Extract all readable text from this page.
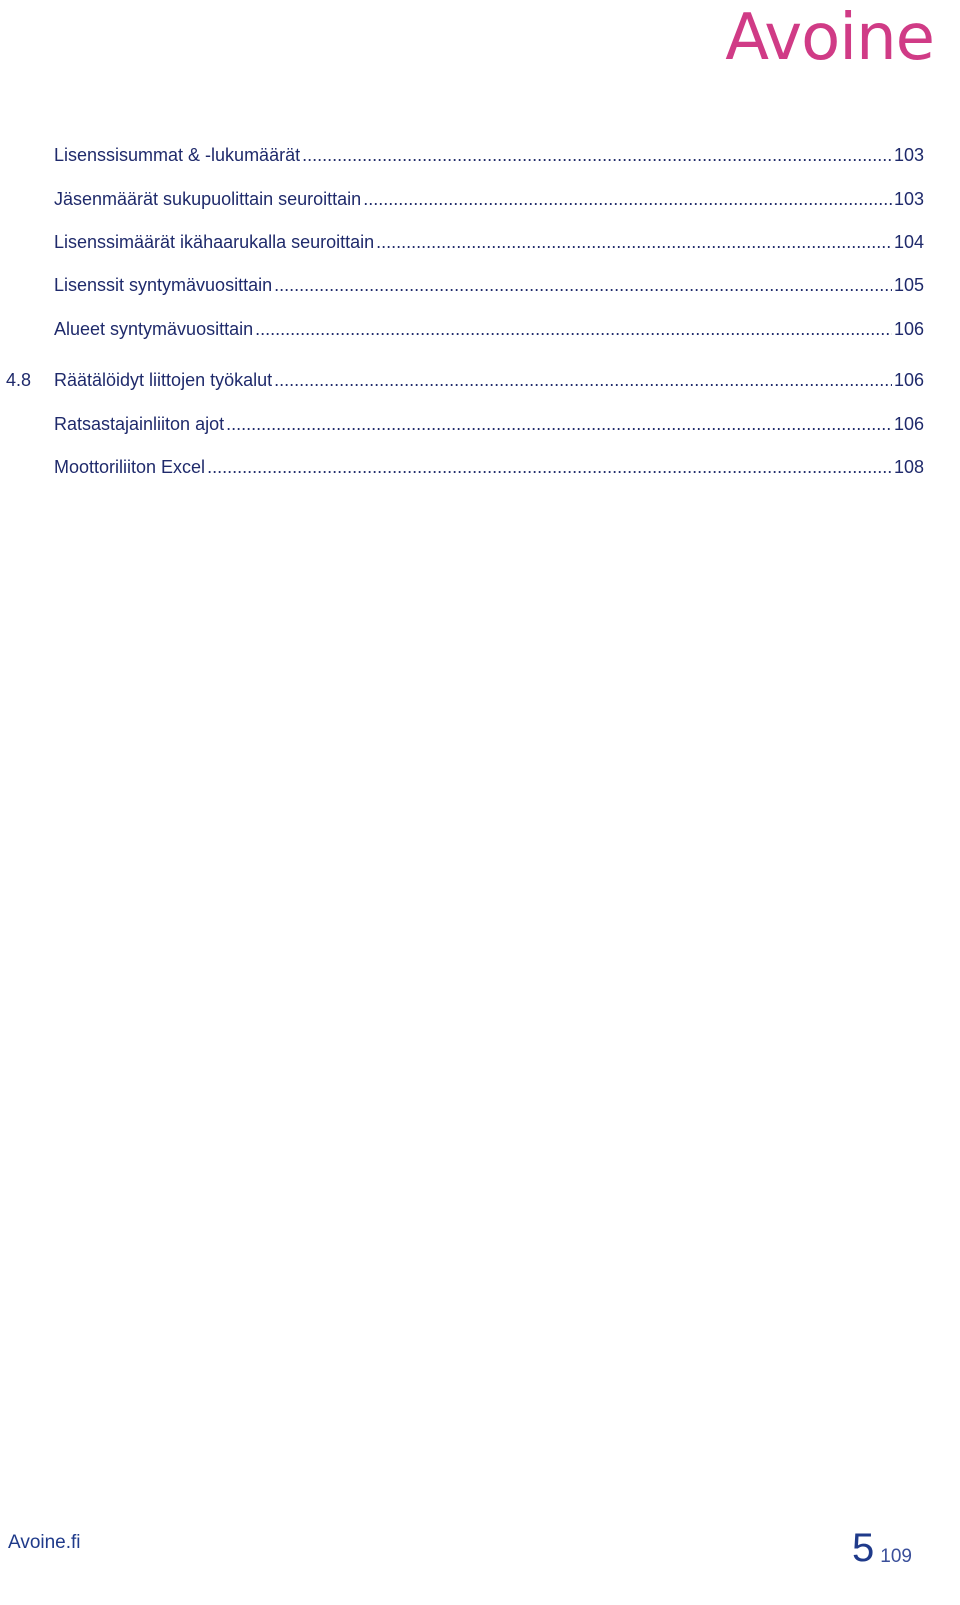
Avoine
Lisenssisummat & -lukumäärät .....	103
Jäsenmäärät sukupuolittain seuroittain .....	103
Lisenssimäärät ikähaarukalla seuroittain .....	104
Lisenssit syntymävuosittain .....	105
Alueet syntymävuosittain .....	106
4.8	Räätälöidyt liittojen työkalut .....	106
Ratsastajainliiton ajot .....	106
Moottoriliiton Excel .....	108
Avoine.fi	5 109
